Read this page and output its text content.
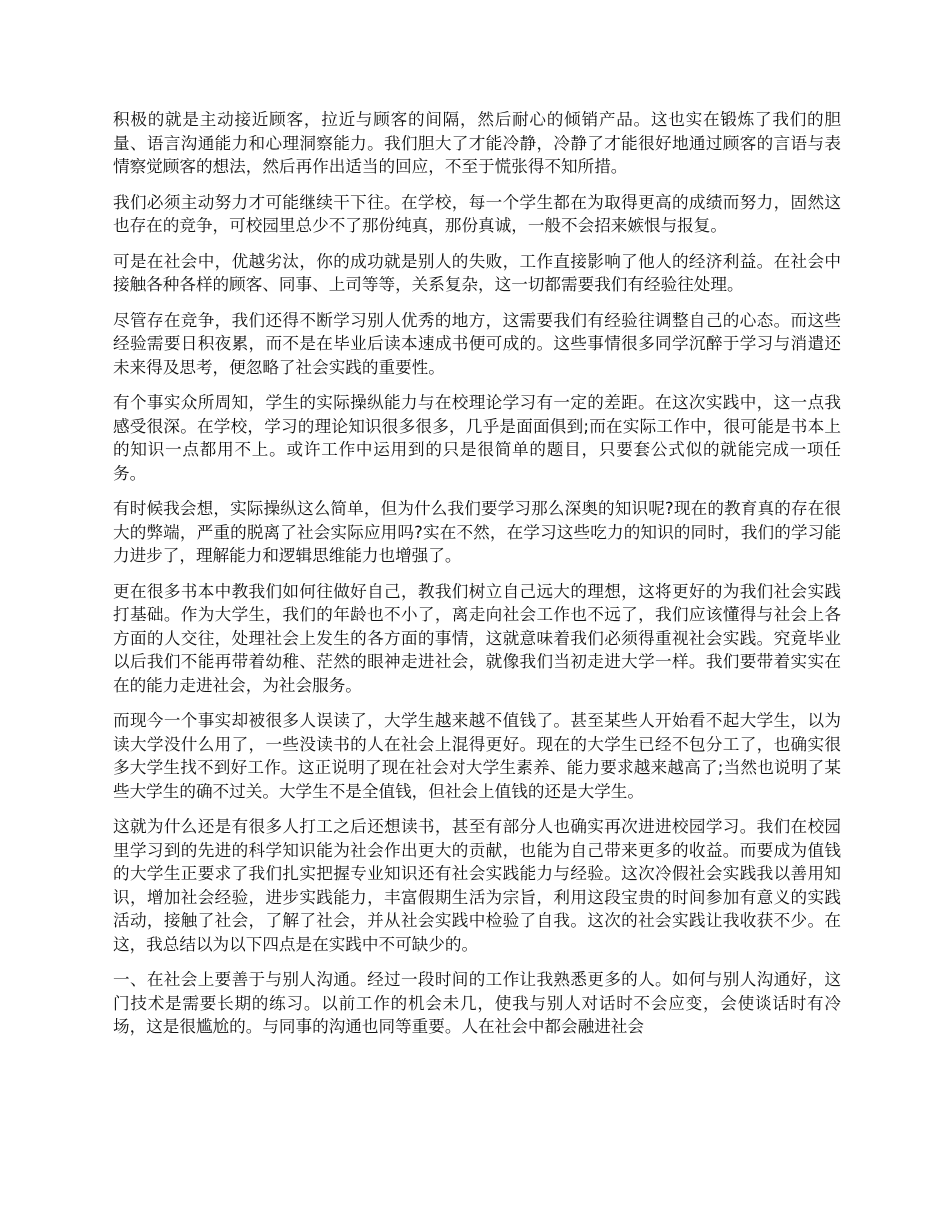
积极的就是主动接近顾客，拉近与顾客的间隔，然后耐心的倾销产品。这也实在锻炼了我们的胆量、语言沟通能力和心理洞察能力。我们胆大了才能冷静，冷静了才能很好地通过顾客的言语与表情察觉顾客的想法，然后再作出适当的回应，不至于慌张得不知所措。

我们必须主动努力才可能继续干下往。在学校，每一个学生都在为取得更高的成绩而努力，固然这也存在的竞争，可校园里总少不了那份纯真，那份真诚，一般不会招来嫉恨与报复。

可是在社会中，优越劣汰，你的成功就是别人的失败，工作直接影响了他人的经济利益。在社会中接触各种各样的顾客、同事、上司等等，关系复杂，这一切都需要我们有经验往处理。

尽管存在竞争，我们还得不断学习别人优秀的地方，这需要我们有经验往调整自己的心态。而这些经验需要日积夜累，而不是在毕业后读本速成书便可成的。这些事情很多同学沉醉于学习与消遣还未来得及思考，便忽略了社会实践的重要性。

有个事实众所周知，学生的实际操纵能力与在校理论学习有一定的差距。在这次实践中，这一点我感受很深。在学校，学习的理论知识很多很多，几乎是面面俱到;而在实际工作中，很可能是书本上的知识一点都用不上。或许工作中运用到的只是很简单的题目，只要套公式似的就能完成一项任务。

有时候我会想，实际操纵这么简单，但为什么我们要学习那么深奥的知识呢?现在的教育真的存在很大的弊端，严重的脱离了社会实际应用吗?实在不然，在学习这些吃力的知识的同时，我们的学习能力进步了，理解能力和逻辑思维能力也增强了。

更在很多书本中教我们如何往做好自己，教我们树立自己远大的理想，这将更好的为我们社会实践打基础。作为大学生，我们的年龄也不小了，离走向社会工作也不远了，我们应该懂得与社会上各方面的人交往，处理社会上发生的各方面的事情，这就意味着我们必须得重视社会实践。究竟毕业以后我们不能再带着幼稚、茫然的眼神走进社会，就像我们当初走进大学一样。我们要带着实实在在的能力走进社会，为社会服务。

而现今一个事实却被很多人误读了，大学生越来越不值钱了。甚至某些人开始看不起大学生，以为读大学没什么用了，一些没读书的人在社会上混得更好。现在的大学生已经不包分工了，也确实很多大学生找不到好工作。这正说明了现在社会对大学生素养、能力要求越来越高了;当然也说明了某些大学生的确不过关。大学生不是全值钱，但社会上值钱的还是大学生。

这就为什么还是有很多人打工之后还想读书，甚至有部分人也确实再次进进校园学习。我们在校园里学习到的先进的科学知识能为社会作出更大的贡献，也能为自己带来更多的收益。而要成为值钱的大学生正要求了我们扎实把握专业知识还有社会实践能力与经验。这次冷假社会实践我以善用知识，增加社会经验，进步实践能力，丰富假期生活为宗旨，利用这段宝贵的时间参加有意义的实践活动，接触了社会，了解了社会，并从社会实践中检验了自我。这次的社会实践让我收获不少。在这，我总结以为以下四点是在实践中不可缺少的。

一、在社会上要善于与别人沟通。经过一段时间的工作让我熟悉更多的人。如何与别人沟通好，这门技术是需要长期的练习。以前工作的机会未几，使我与别人对话时不会应变，会使谈话时有冷场，这是很尴尬的。与同事的沟通也同等重要。人在社会中都会融进社会
